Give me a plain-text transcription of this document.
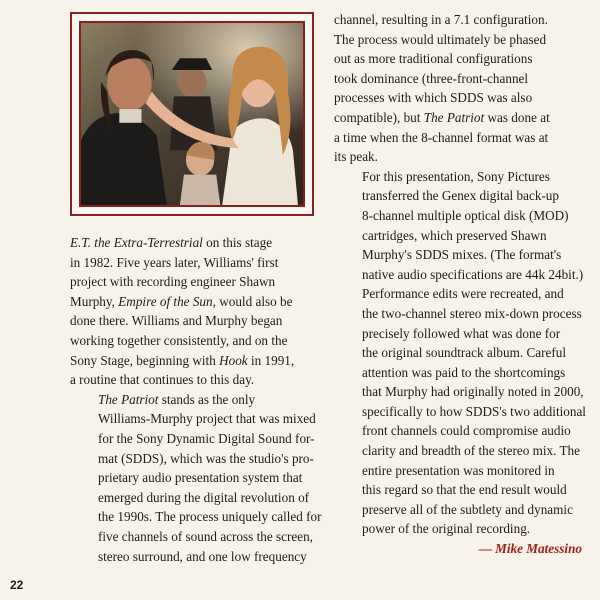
E.T. the Extra-Terrestrial on this stage
in 1982. Five years later, Williams' first
project with recording engineer Shawn
Murphy, Empire of the Sun, would also be
done there. Williams and Murphy began
working together consistently, and on the
Sony Stage, beginning with Hook in 1991,
a routine that continues to this day.

The Patriot stands as the only
Williams-Murphy project that was mixed
for the Sony Dynamic Digital Sound for-
mat (SDDS), which was the studio's pro-
prietary audio presentation system that
emerged during the digital revolution of
the 1990s. The process uniquely called for
five channels of sound across the screen,
stereo surround, and one low frequency

channel, resulting in a 7.1 configuration.
The process would ultimately be phased
out as more traditional configurations
took dominance (three-front-channel
processes with which SDDS was also
compatible), but The Patriot was done at
a time when the 8-channel format was at
its peak.

For this presentation, Sony Pictures
transferred the Genex digital back-up
8-channel multiple optical disk (MOD)
cartridges, which preserved Shawn
Murphy's SDDS mixes. (The format's
native audio specifications are 44k 24bit.)
Performance edits were recreated, and
the two-channel stereo mix-down process
precisely followed what was done for
the original soundtrack album. Careful
attention was paid to the shortcomings
that Murphy had originally noted in 2000,
specifically to how SDDS's two additional
front channels could compromise audio
clarity and breadth of the stereo mix. The
entire presentation was monitored in
this regard so that the end result would
preserve all of the subtlety and dynamic
power of the original recording.

— Mike Matessino
22
